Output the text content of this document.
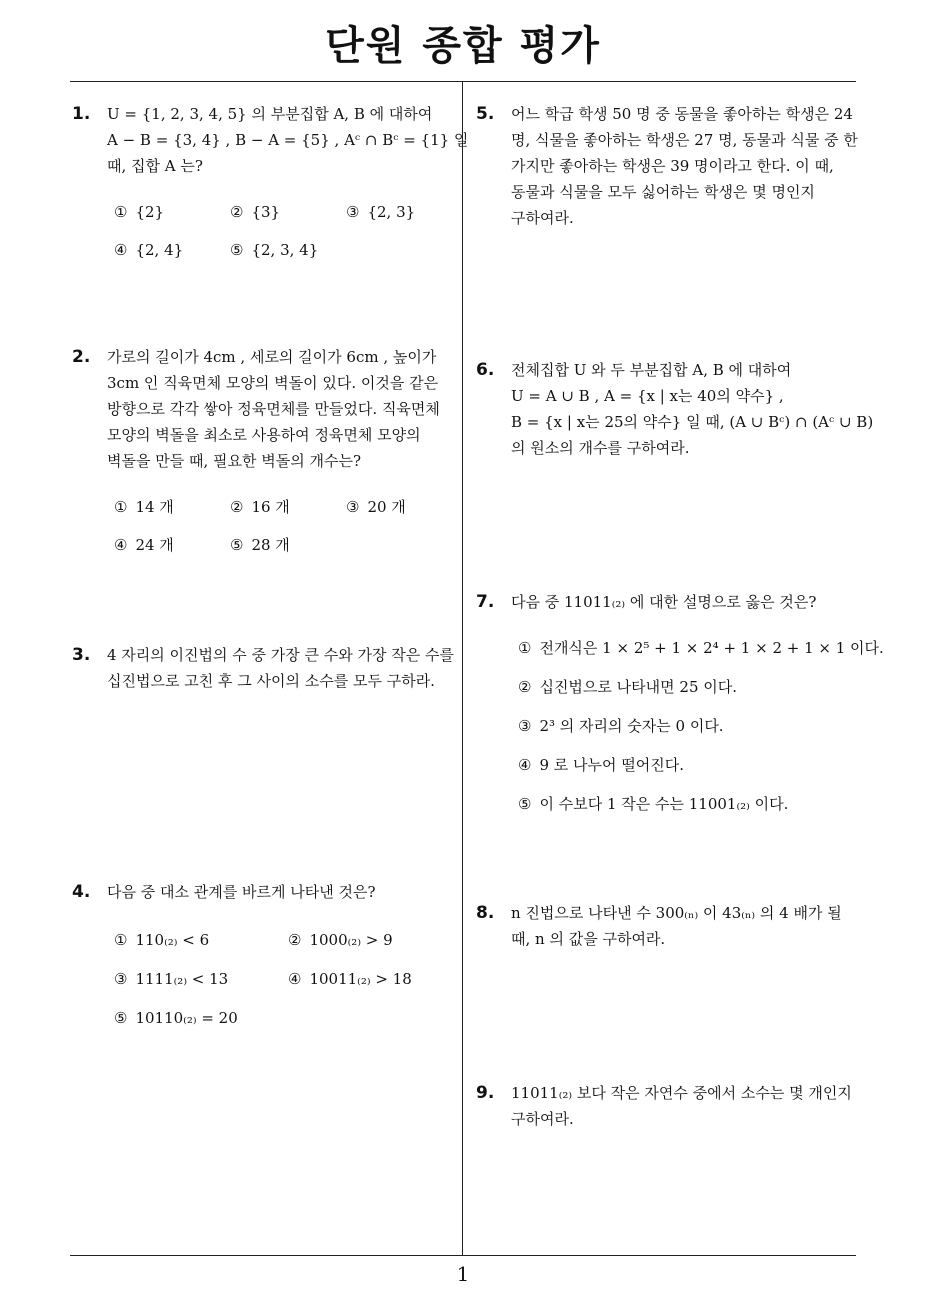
단원 종합 평가
1
1. U = {1, 2, 3, 4, 5} 의 부분집합 A, B 에 대하여
A − B = {3, 4} , B − A = {5} , Aᶜ ∩ Bᶜ = {1} 일
때, 집합 A 는?
① {2}	② {3}	③ {2, 3}
④ {2, 4}	⑤ {2, 3, 4}
2. 가로의 길이가 4cm , 세로의 길이가 6cm , 높이가
3cm 인 직육면체 모양의 벽돌이 있다. 이것을 같은
방향으로 각각 쌓아 정육면체를 만들었다. 직육면체
모양의 벽돌을 최소로 사용하여 정육면체 모양의
벽돌을 만들 때, 필요한 벽돌의 개수는?
① 14 개	② 16 개	③ 20 개
④ 24 개	⑤ 28 개
3. 4 자리의 이진법의 수 중 가장 큰 수와 가장 작은 수를
십진법으로 고친 후 그 사이의 소수를 모두 구하라.
4. 다음 중 대소 관계를 바르게 나타낸 것은?
① 110₍₂₎ < 6	② 1000₍₂₎ > 9
③ 1111₍₂₎ < 13	④ 10011₍₂₎ > 18
⑤ 10110₍₂₎ = 20
5. 어느 학급 학생 50 명 중 동물을 좋아하는 학생은 24
명, 식물을 좋아하는 학생은 27 명, 동물과 식물 중 한
가지만 좋아하는 학생은 39 명이라고 한다. 이 때,
동물과 식물을 모두 싫어하는 학생은 몇 명인지
구하여라.
6. 전체집합 U 와 두 부분집합 A, B 에 대하여
U = A ∪ B , A = {x | x는 40의 약수} ,
B = {x | x는 25의 약수} 일 때, (A ∪ Bᶜ) ∩ (Aᶜ ∪ B)
의 원소의 개수를 구하여라.
7. 다음 중 11011₍₂₎ 에 대한 설명으로 옳은 것은?
① 전개식은 1 × 2⁵ + 1 × 2⁴ + 1 × 2 + 1 × 1 이다.
② 십진법으로 나타내면 25 이다.
③ 2³ 의 자리의 숫자는 0 이다.
④ 9 로 나누어 떨어진다.
⑤ 이 수보다 1 작은 수는 11001₍₂₎ 이다.
8. n 진법으로 나타낸 수 300₍ₙ₎ 이 43₍ₙ₎ 의 4 배가 될
때, n 의 값을 구하여라.
9. 11011₍₂₎ 보다 작은 자연수 중에서 소수는 몇 개인지
구하여라.
